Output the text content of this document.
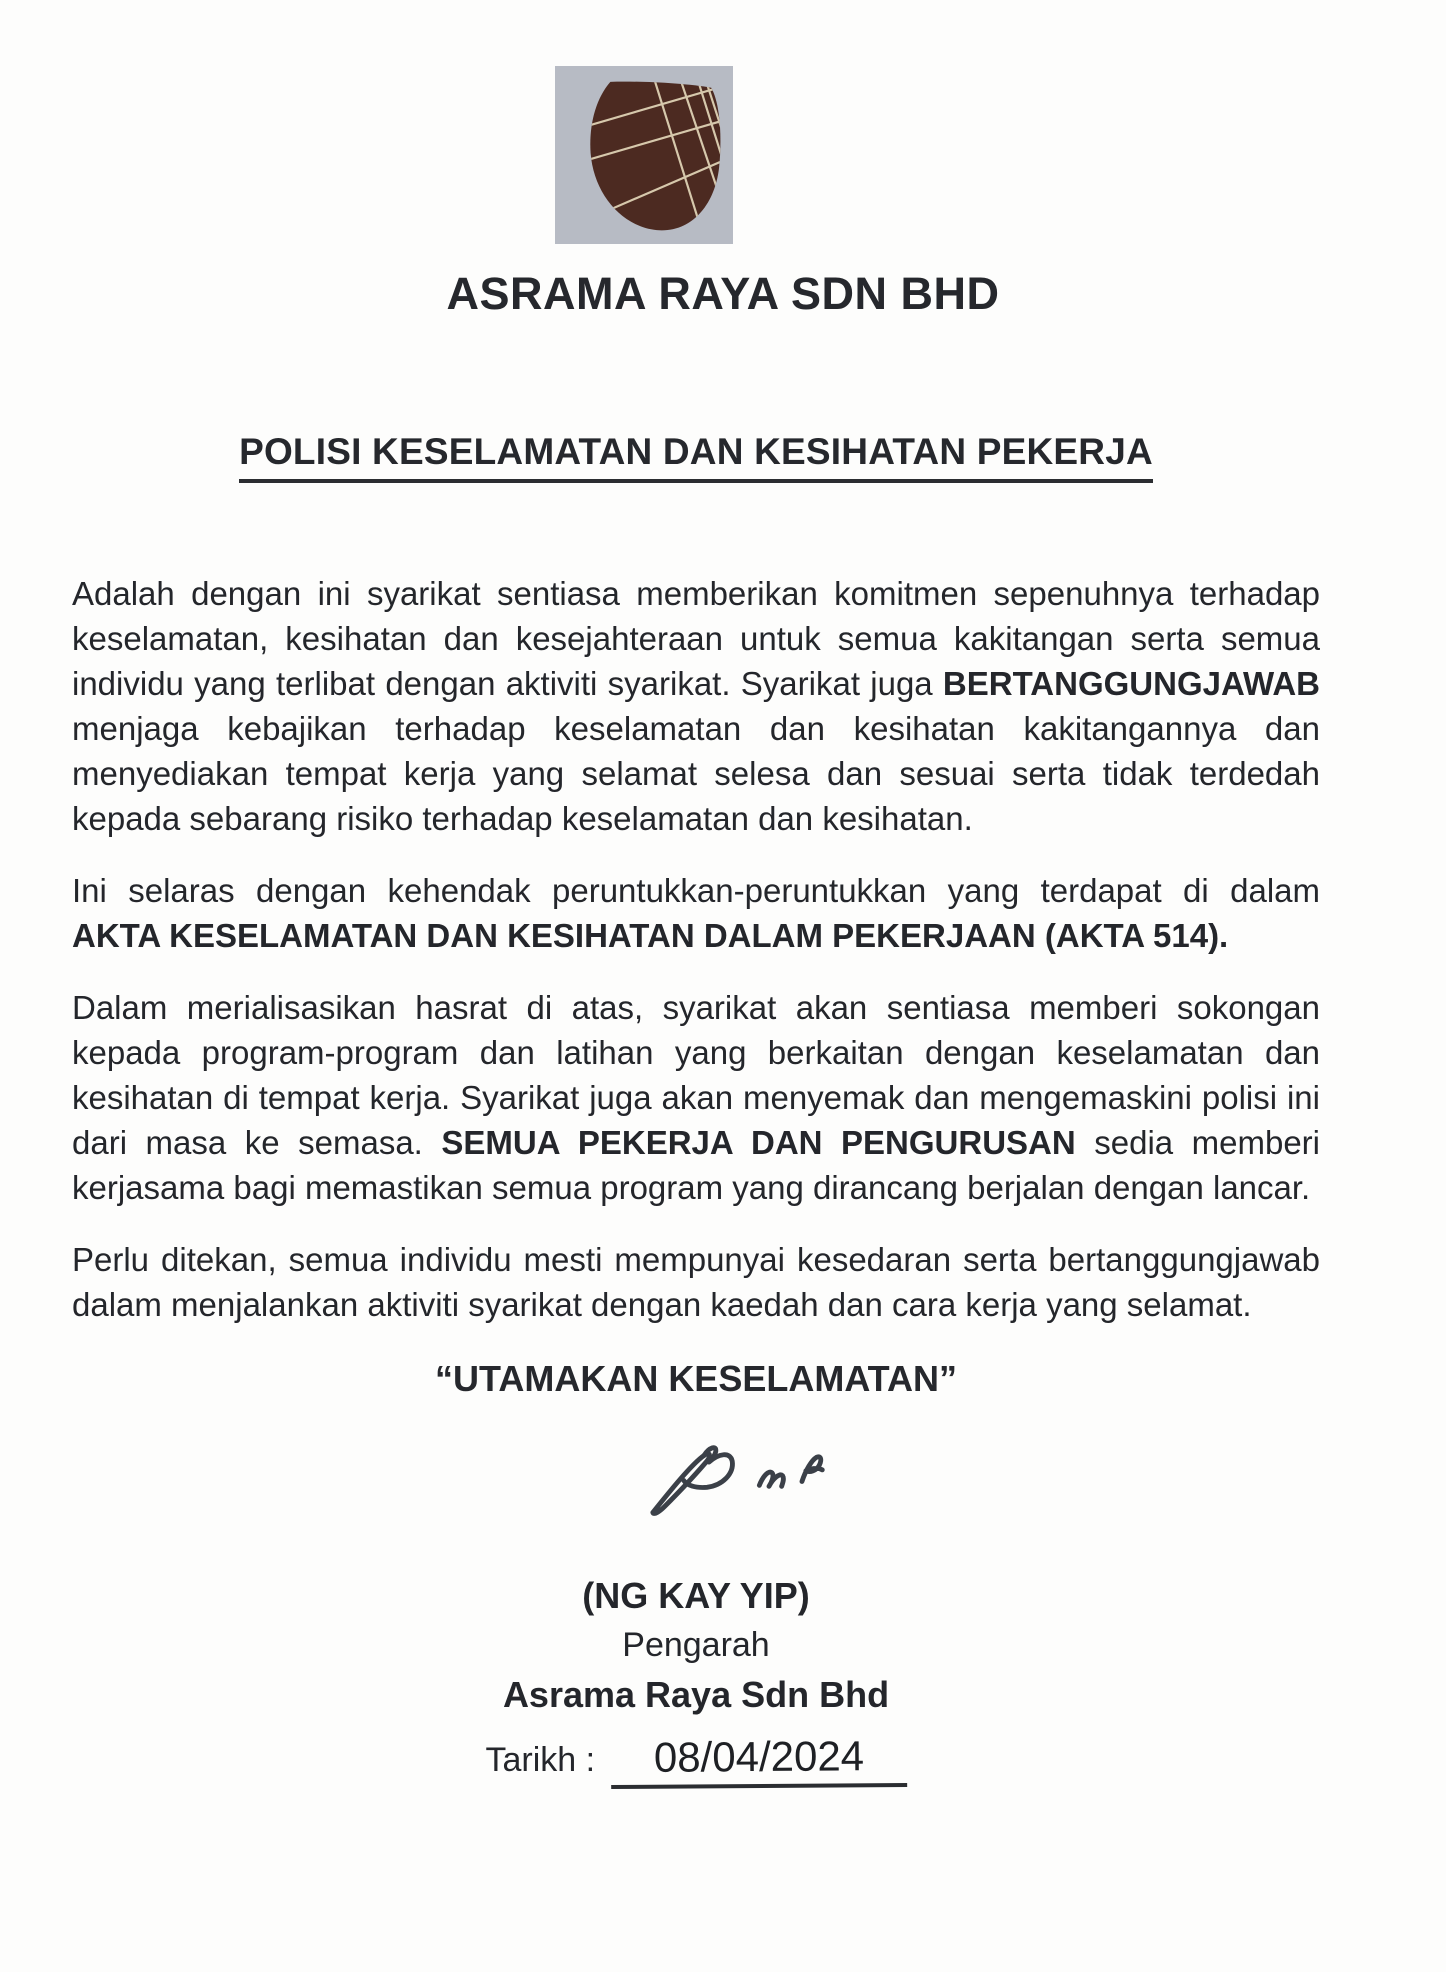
ASRAMA RAYA SDN BHD
POLISI KESELAMATAN DAN KESIHATAN PEKERJA

Adalah dengan ini syarikat sentiasa memberikan komitmen sepenuhnya terhadap keselamatan, kesihatan dan kesejahteraan untuk semua kakitangan serta semua individu yang terlibat dengan aktiviti syarikat. Syarikat juga BERTANGGUNGJAWAB menjaga kebajikan terhadap keselamatan dan kesihatan kakitangannya dan menyediakan tempat kerja yang selamat selesa dan sesuai serta tidak terdedah kepada sebarang risiko terhadap keselamatan dan kesihatan.

Ini selaras dengan kehendak peruntukkan-peruntukkan yang terdapat di dalam AKTA KESELAMATAN DAN KESIHATAN DALAM PEKERJAAN (AKTA 514).

Dalam merialisasikan hasrat di atas, syarikat akan sentiasa memberi sokongan kepada program-program dan latihan yang berkaitan dengan keselamatan dan kesihatan di tempat kerja. Syarikat juga akan menyemak dan mengemaskini polisi ini dari masa ke semasa. SEMUA PEKERJA DAN PENGURUSAN sedia memberi kerjasama bagi memastikan semua program yang dirancang berjalan dengan lancar.

Perlu ditekan, semua individu mesti mempunyai kesedaran serta bertanggungjawab dalam menjalankan aktiviti syarikat dengan kaedah dan cara kerja yang selamat.

“UTAMAKAN KESELAMATAN”
(NG KAY YIP)
Pengarah
Asrama Raya Sdn Bhd
Tarikh : 08/04/2024
